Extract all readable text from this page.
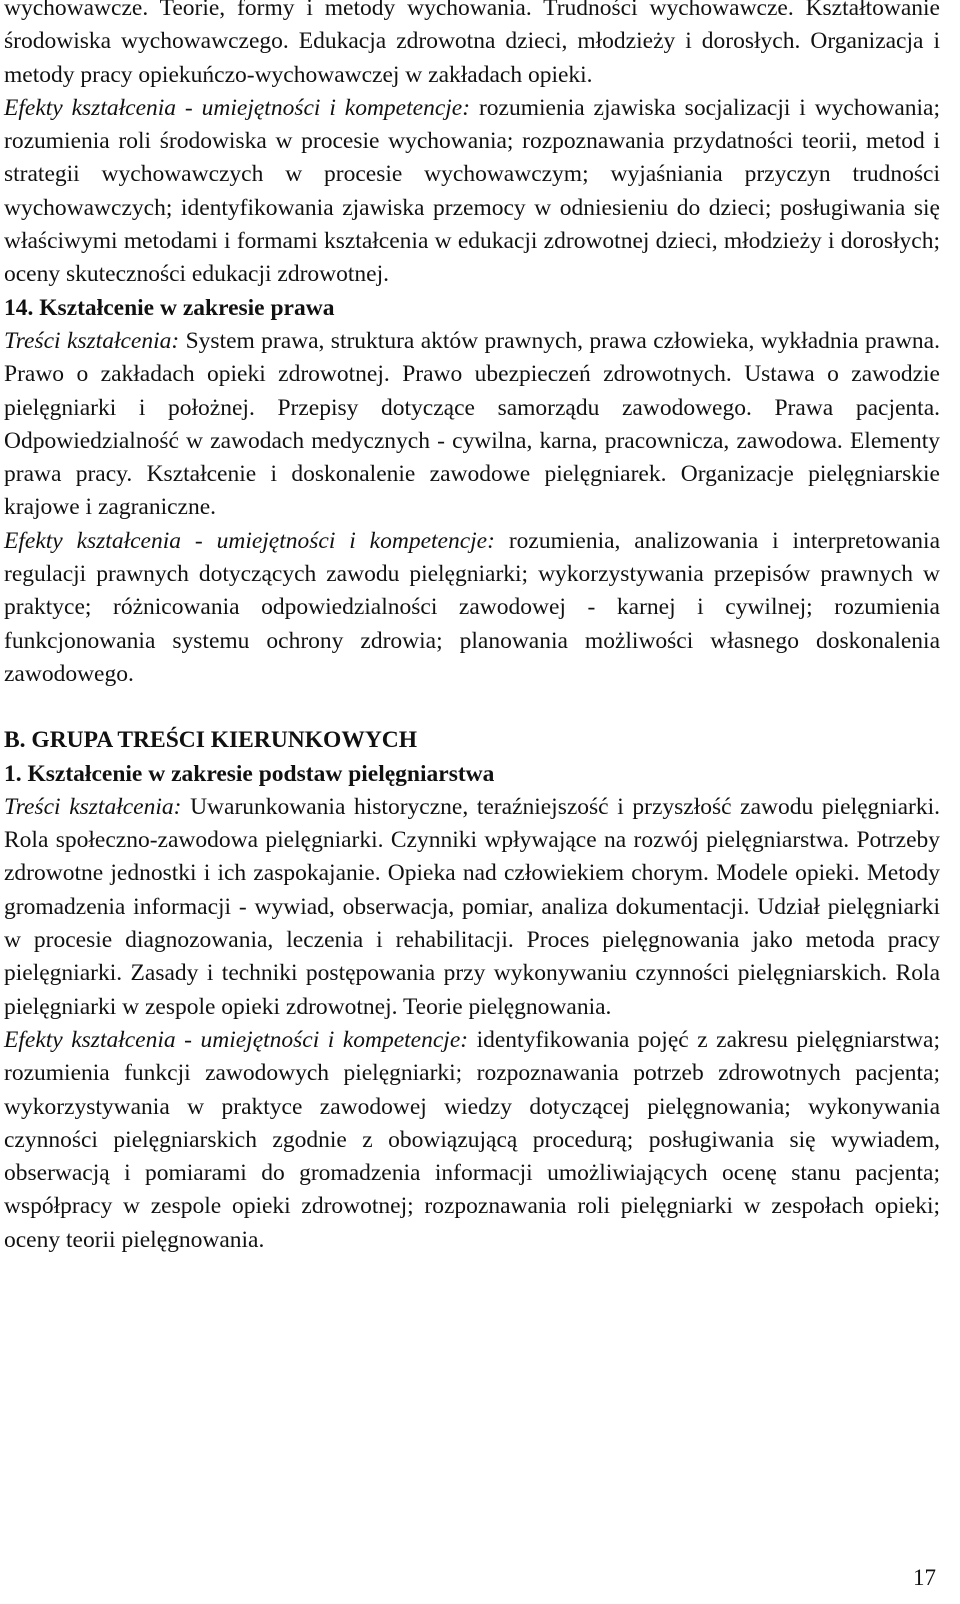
wychowawcze. Teorie, formy i metody wychowania. Trudności wychowawcze. Kształtowanie środowiska wychowawczego. Edukacja zdrowotna dzieci, młodzieży i dorosłych. Organizacja i metody pracy opiekuńczo-wychowawczej w zakładach opieki.

Efekty kształcenia - umiejętności i kompetencje: rozumienia zjawiska socjalizacji i wychowania; rozumienia roli środowiska w procesie wychowania; rozpoznawania przydatności teorii, metod i strategii wychowawczych w procesie wychowawczym; wyjaśniania przyczyn trudności wychowawczych; identyfikowania zjawiska przemocy w odniesieniu do dzieci; posługiwania się właściwymi metodami i formami kształcenia w edukacji zdrowotnej dzieci, młodzieży i dorosłych; oceny skuteczności edukacji zdrowotnej.

14. Kształcenie w zakresie prawa

Treści kształcenia: System prawa, struktura aktów prawnych, prawa człowieka, wykładnia prawna. Prawo o zakładach opieki zdrowotnej. Prawo ubezpieczeń zdrowotnych. Ustawa o zawodzie pielęgniarki i położnej. Przepisy dotyczące samorządu zawodowego. Prawa pacjenta. Odpowiedzialność w zawodach medycznych - cywilna, karna, pracownicza, zawodowa. Elementy prawa pracy. Kształcenie i doskonalenie zawodowe pielęgniarek. Organizacje pielęgniarskie krajowe i zagraniczne.

Efekty kształcenia - umiejętności i kompetencje: rozumienia, analizowania i interpretowania regulacji prawnych dotyczących zawodu pielęgniarki; wykorzystywania przepisów prawnych w praktyce; różnicowania odpowiedzialności zawodowej - karnej i cywilnej; rozumienia funkcjonowania systemu ochrony zdrowia; planowania możliwości własnego doskonalenia zawodowego.

B. GRUPA TREŚCI KIERUNKOWYCH

1. Kształcenie w zakresie podstaw pielęgniarstwa

Treści kształcenia: Uwarunkowania historyczne, teraźniejszość i przyszłość zawodu pielęgniarki. Rola społeczno-zawodowa pielęgniarki. Czynniki wpływające na rozwój pielęgniarstwa. Potrzeby zdrowotne jednostki i ich zaspokajanie. Opieka nad człowiekiem chorym. Modele opieki. Metody gromadzenia informacji - wywiad, obserwacja, pomiar, analiza dokumentacji. Udział pielęgniarki w procesie diagnozowania, leczenia i rehabilitacji. Proces pielęgnowania jako metoda pracy pielęgniarki. Zasady i techniki postępowania przy wykonywaniu czynności pielęgniarskich. Rola pielęgniarki w zespole opieki zdrowotnej. Teorie pielęgnowania.

Efekty kształcenia - umiejętności i kompetencje: identyfikowania pojęć z zakresu pielęgniarstwa; rozumienia funkcji zawodowych pielęgniarki; rozpoznawania potrzeb zdrowotnych pacjenta; wykorzystywania w praktyce zawodowej wiedzy dotyczącej pielęgnowania; wykonywania czynności pielęgniarskich zgodnie z obowiązującą procedurą; posługiwania się wywiadem, obserwacją i pomiarami do gromadzenia informacji umożliwiających ocenę stanu pacjenta; współpracy w zespole opieki zdrowotnej; rozpoznawania roli pielęgniarki w zespołach opieki; oceny teorii pielęgnowania.

17
